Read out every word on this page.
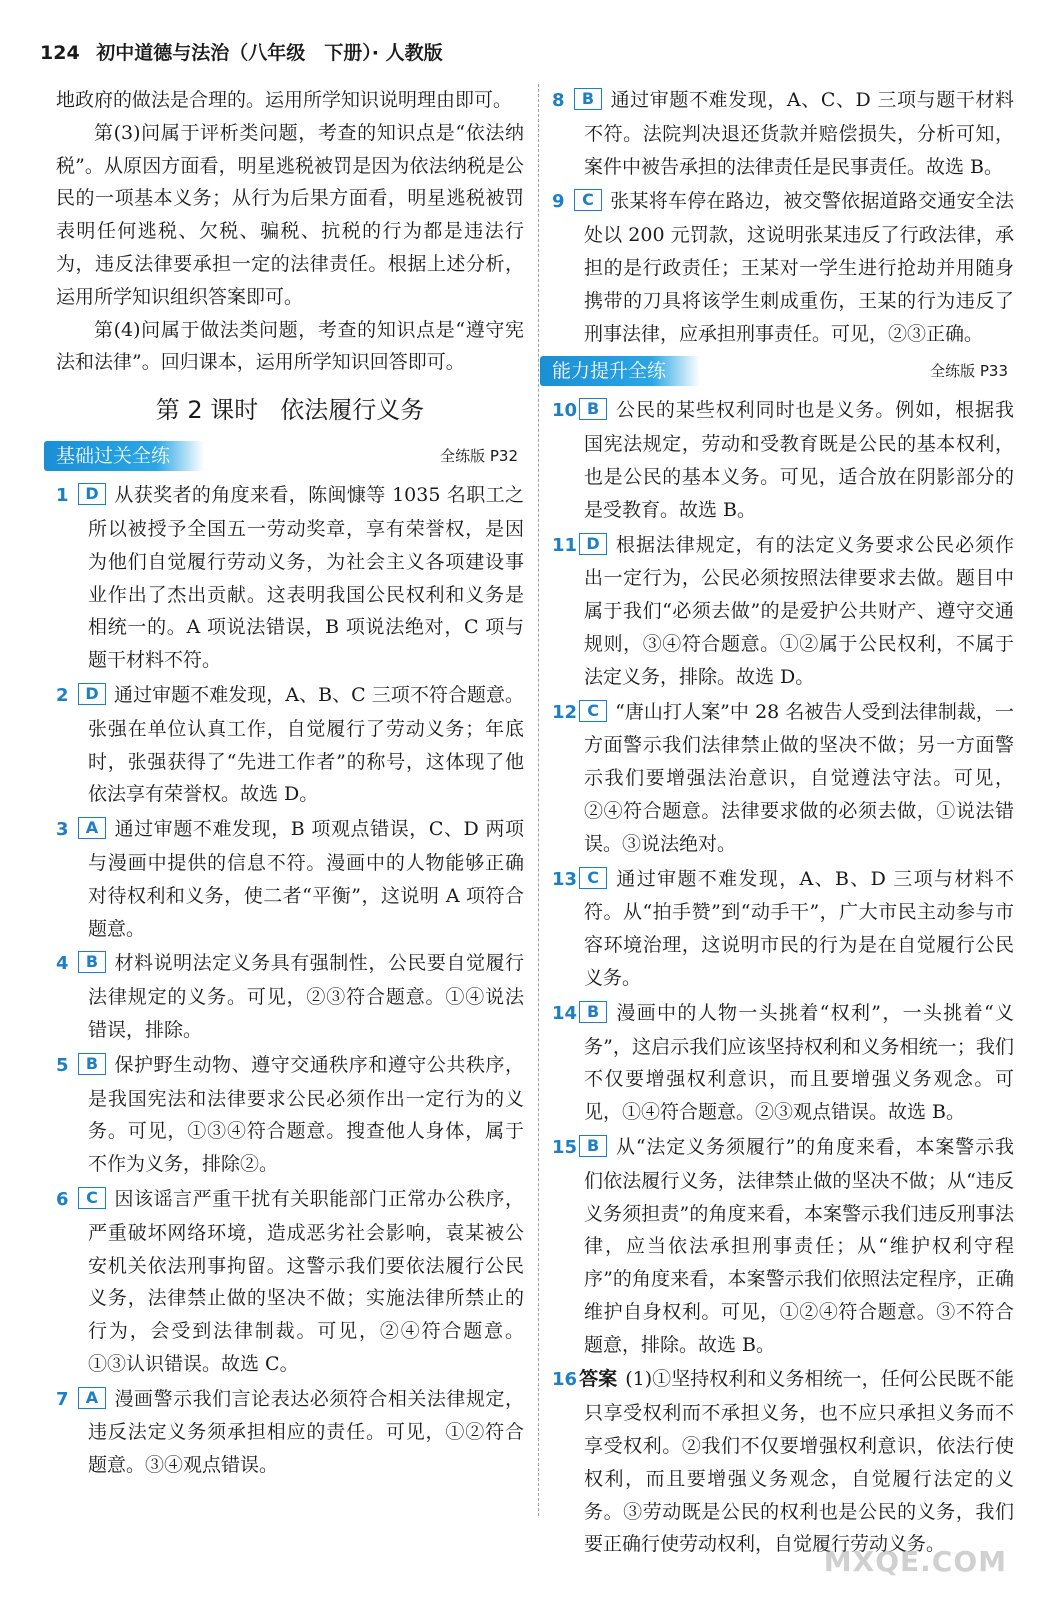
124 初中道德与法治（八年级　下册）· 人教版

地政府的做法是合理的。运用所学知识说明理由即可。

第(3)问属于评析类问题，考查的知识点是“依法纳税”。从原因方面看，明星逃税被罚是因为依法纳税是公民的一项基本义务；从行为后果方面看，明星逃税被罚表明任何逃税、欠税、骗税、抗税的行为都是违法行为，违反法律要承担一定的法律责任。根据上述分析，运用所学知识组织答案即可。

第(4)问属于做法类问题，考查的知识点是“遵守宪法和法律”。回归课本，运用所学知识回答即可。

第 2 课时 依法履行义务
基础过关全练	全练版 P32
1 D 从获奖者的角度来看，陈闽慷等 1035 名职工之所以被授予全国五一劳动奖章，享有荣誉权，是因为他们自觉履行劳动义务，为社会主义各项建设事业作出了杰出贡献。这表明我国公民权利和义务是相统一的。A 项说法错误，B 项说法绝对，C 项与题干材料不符。
2 D 通过审题不难发现，A、B、C 三项不符合题意。张强在单位认真工作，自觉履行了劳动义务；年底时，张强获得了“先进工作者”的称号，这体现了他依法享有荣誉权。故选 D。
3 A 通过审题不难发现，B 项观点错误，C、D 两项与漫画中提供的信息不符。漫画中的人物能够正确对待权利和义务，使二者“平衡”，这说明 A 项符合题意。
4 B 材料说明法定义务具有强制性，公民要自觉履行法律规定的义务。可见，②③符合题意。①④说法错误，排除。
5 B 保护野生动物、遵守交通秩序和遵守公共秩序，是我国宪法和法律要求公民必须作出一定行为的义务。可见，①③④符合题意。搜查他人身体，属于不作为义务，排除②。
6 C 因该谣言严重干扰有关职能部门正常办公秩序，严重破坏网络环境，造成恶劣社会影响，袁某被公安机关依法刑事拘留。这警示我们要依法履行公民义务，法律禁止做的坚决不做；实施法律所禁止的行为，会受到法律制裁。可见，②④符合题意。①③认识错误。故选 C。
7 A 漫画警示我们言论表达必须符合相关法律规定，违反法定义务须承担相应的责任。可见，①②符合题意。③④观点错误。
8 B 通过审题不难发现，A、C、D 三项与题干材料不符。法院判决退还货款并赔偿损失，分析可知，案件中被告承担的法律责任是民事责任。故选 B。
9 C 张某将车停在路边，被交警依据道路交通安全法处以 200 元罚款，这说明张某违反了行政法律，承担的是行政责任；王某对一学生进行抢劫并用随身携带的刀具将该学生刺成重伤，王某的行为违反了刑事法律，应承担刑事责任。可见，②③正确。
能力提升全练	全练版 P33
10 B 公民的某些权利同时也是义务。例如，根据我国宪法规定，劳动和受教育既是公民的基本权利，也是公民的基本义务。可见，适合放在阴影部分的是受教育。故选 B。
11 D 根据法律规定，有的法定义务要求公民必须作出一定行为，公民必须按照法律要求去做。题目中属于我们“必须去做”的是爱护公共财产、遵守交通规则，③④符合题意。①②属于公民权利，不属于法定义务，排除。故选 D。
12 C “唐山打人案”中 28 名被告人受到法律制裁，一方面警示我们法律禁止做的坚决不做；另一方面警示我们要增强法治意识，自觉遵法守法。可见，②④符合题意。法律要求做的必须去做，①说法错误。③说法绝对。
13 C 通过审题不难发现，A、B、D 三项与材料不符。从“拍手赞”到“动手干”，广大市民主动参与市容环境治理，这说明市民的行为是在自觉履行公民义务。
14 B 漫画中的人物一头挑着“权利”，一头挑着“义务”，这启示我们应该坚持权利和义务相统一；我们不仅要增强权利意识，而且要增强义务观念。可见，①④符合题意。②③观点错误。故选 B。
15 B 从“法定义务须履行”的角度来看，本案警示我们依法履行义务，法律禁止做的坚决不做；从“违反义务须担责”的角度来看，本案警示我们违反刑事法律，应当依法承担刑事责任；从“维护权利守程序”的角度来看，本案警示我们依照法定程序，正确维护自身权利。可见，①②④符合题意。③不符合题意，排除。故选 B。
16 答案 (1)①坚持权利和义务相统一，任何公民既不能只享受权利而不承担义务，也不应只承担义务而不享受权利。②我们不仅要增强权利意识，依法行使权利，而且要增强义务观念，自觉履行法定的义务。③劳动既是公民的权利也是公民的义务，我们要正确行使劳动权利，自觉履行劳动义务。
MXQE.COM
